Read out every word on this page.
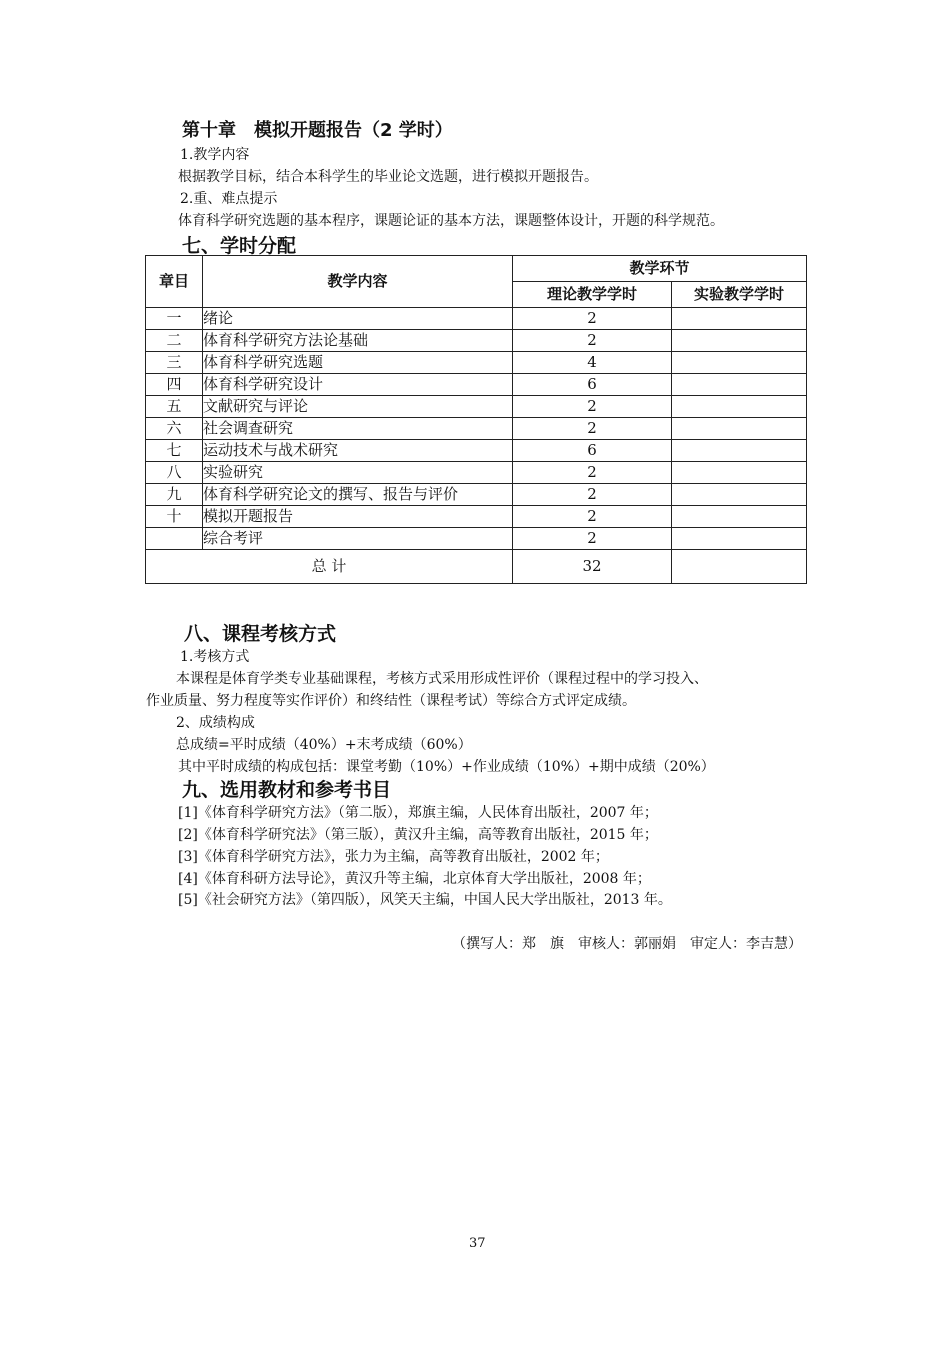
第十章　模拟开题报告（2 学时）
1.教学内容
根据教学目标，结合本科学生的毕业论文选题，进行模拟开题报告。
2.重、难点提示
体育科学研究选题的基本程序，课题论证的基本方法，课题整体设计，开题的科学规范。
七、学时分配
章目	教学内容	教学环节	
		理论教学学时	实验教学学时
一	绪论	2	
二	体育科学研究方法论基础	2	
三	体育科学研究选题	4	
四	体育科学研究设计	6	
五	文献研究与评论	2	
六	社会调查研究	2	
七	运动技术与战术研究	6	
八	实验研究	2	
九	体育科学研究论文的撰写、报告与评价	2	
十	模拟开题报告	2	
	综合考评	2	
总 计		32	
八、课程考核方式
1.考核方式
本课程是体育学类专业基础课程，考核方式采用形成性评价（课程过程中的学习投入、
作业质量、努力程度等实作评价）和终结性（课程考试）等综合方式评定成绩。
2、成绩构成
总成绩=平时成绩（40%）+末考成绩（60%）
其中平时成绩的构成包括：课堂考勤（10%）+作业成绩（10%）+期中成绩（20%）
九、选用教材和参考书目
[1]《体育科学研究方法》（第二版），郑旗主编，人民体育出版社，2007 年；
[2]《体育科学研究法》（第三版），黄汉升主编，高等教育出版社，2015 年；
[3]《体育科学研究方法》，张力为主编，高等教育出版社，2002 年；
[4]《体育科研方法导论》，黄汉升等主编，北京体育大学出版社，2008 年；
[5]《社会研究方法》（第四版），风笑天主编，中国人民大学出版社，2013 年。
（撰写人：郑　旗　审核人：郭丽娟　审定人：李吉慧）
37
